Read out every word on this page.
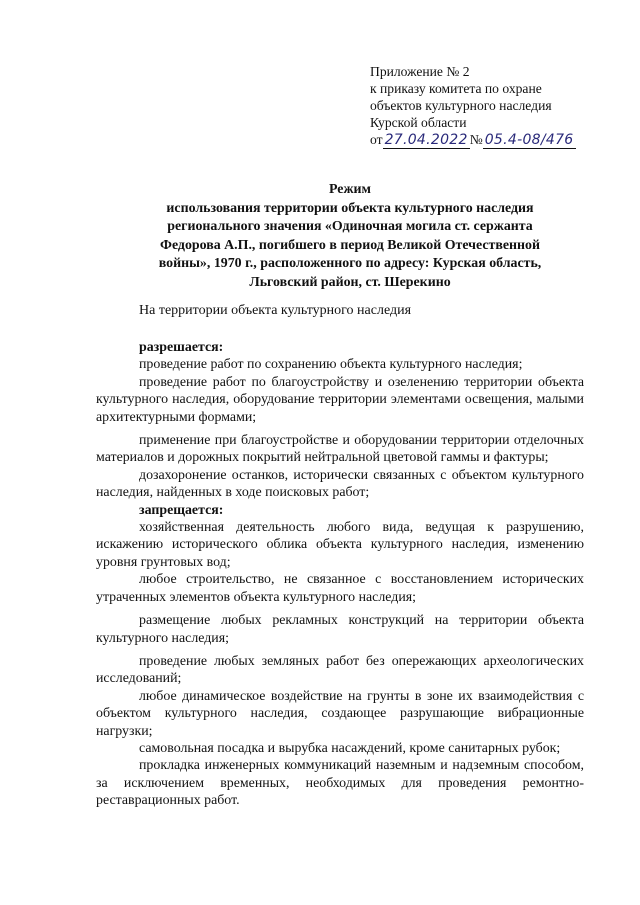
Приложение № 2
к приказу комитета по охране
объектов культурного наследия
Курской области
от 27.04.2022 № 05.4-08/476
Режим
использования территории объекта культурного наследия
регионального значения «Одиночная могила ст. сержанта
Федорова А.П., погибшего в период Великой Отечественной
войны», 1970 г., расположенного по адресу: Курская область,
Льговский район, ст. Шерекино
На территории объекта культурного наследия
разрешается:

проведение работ по сохранению объекта культурного наследия;

проведение работ по благоустройству и озеленению территории объекта культурного наследия, оборудование территории элементами освещения, малыми архитектурными формами;

применение при благоустройстве и оборудовании территории отделочных материалов и дорожных покрытий нейтральной цветовой гаммы и фактуры;

дозахоронение останков, исторически связанных с объектом культурного наследия, найденных в ходе поисковых работ;

запрещается:

хозяйственная деятельность любого вида, ведущая к разрушению, искажению исторического облика объекта культурного наследия, изменению уровня грунтовых вод;

любое строительство, не связанное с восстановлением исторических утраченных элементов объекта культурного наследия;

размещение любых рекламных конструкций на территории объекта культурного наследия;

проведение любых земляных работ без опережающих археологических исследований;

любое динамическое воздействие на грунты в зоне их взаимодействия с объектом культурного наследия, создающее разрушающие вибрационные нагрузки;

самовольная посадка и вырубка насаждений, кроме санитарных рубок;

прокладка инженерных коммуникаций наземным и надземным способом, за исключением временных, необходимых для проведения ремонтно-реставрационных работ.
